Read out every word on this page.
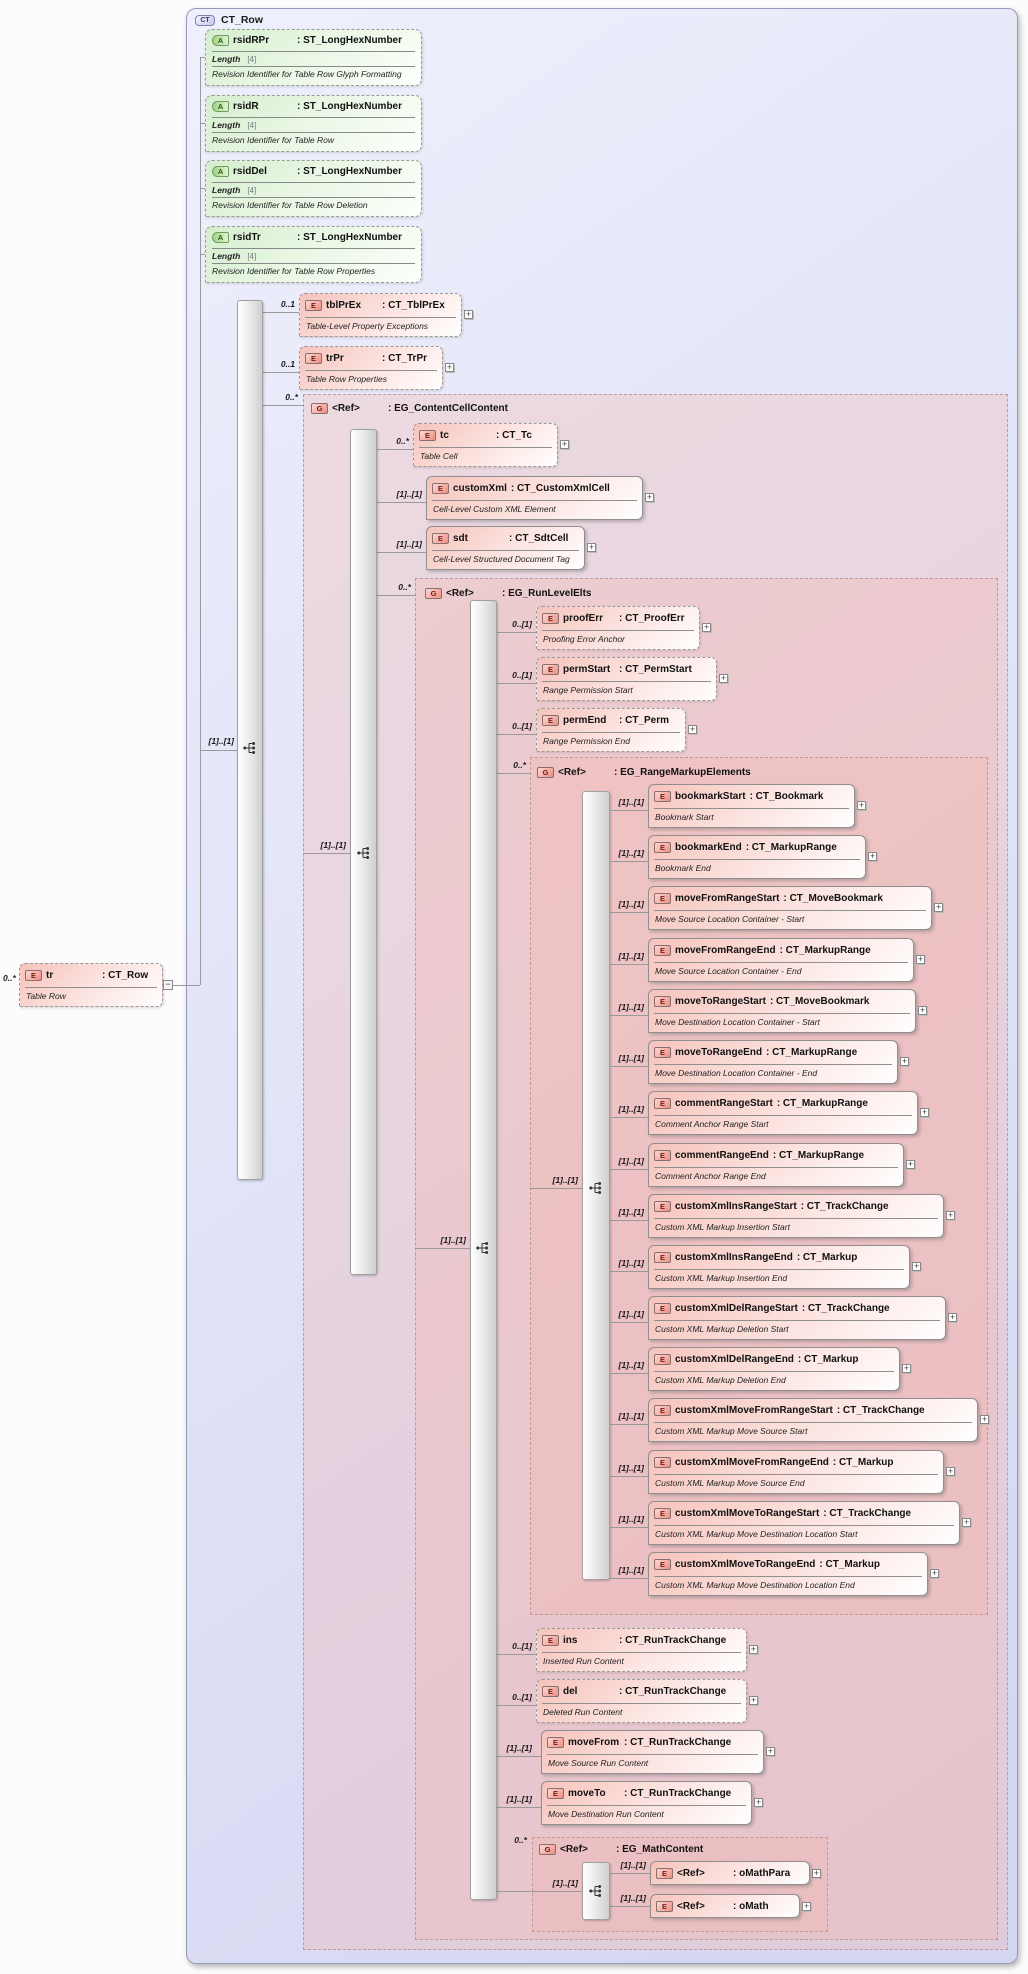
CT	CT_Row
G <Ref>	: EG_ContentCellContent
G <Ref>	: EG_RunLevelElts
G <Ref>	: EG_RangeMarkupElements
G <Ref>	: EG_MathContent
0..*
[1]..[1]
0..1
0..1
0..*
[1]..[1]
0..*
[1]..[1]
[1]..[1]
0..*
[1]..[1]
0..[1]
0..[1]
0..[1]
0..*
[1]..[1]
0..[1]
0..[1]
[1]..[1]
[1]..[1]
0..*
[1]..[1]
[1]..[1]
[1]..[1]
A rsidRPr	: ST_LongHexNumber
Length [4]
Revision Identifier for Table Row Glyph Formatting
A rsidR	: ST_LongHexNumber
Length [4]
Revision Identifier for Table Row
A rsidDel	: ST_LongHexNumber
Length [4]
Revision Identifier for Table Row Deletion
A rsidTr	: ST_LongHexNumber
Length [4]
Revision Identifier for Table Row Properties
E	tr	: CT_Row
Table Row
−
E	tblPrEx	: CT_TblPrEx
Table-Level Property Exceptions
+
E	trPr	: CT_TrPr
Table Row Properties
+
E	tc	: CT_Tc
Table Cell
+
E	customXml : CT_CustomXmlCell
Cell-Level Custom XML Element
+
E	sdt	: CT_SdtCell
Cell-Level Structured Document Tag
+
E	proofErr	: CT_ProofErr
Proofing Error Anchor
+
E	permStart : CT_PermStart
Range Permission Start
+
E	permEnd	: CT_Perm
Range Permission End
+
E	ins	: CT_RunTrackChange
Inserted Run Content
+
E	del	: CT_RunTrackChange
Deleted Run Content
+
E	moveFrom : CT_RunTrackChange
Move Source Run Content
+
E	moveTo	: CT_RunTrackChange
Move Destination Run Content
+
E	<Ref>	: oMathPara	+
E	<Ref>	: oMath	+
[1]..[1]
E	bookmarkStart : CT_Bookmark
Bookmark Start
+
[1]..[1]
E	bookmarkEnd : CT_MarkupRange
Bookmark End
+
[1]..[1]
E	moveFromRangeStart : CT_MoveBookmark
Move Source Location Container - Start
+
[1]..[1]
E	moveFromRangeEnd : CT_MarkupRange
Move Source Location Container - End
+
[1]..[1]
E	moveToRangeStart : CT_MoveBookmark
Move Destination Location Container - Start
+
[1]..[1]
E	moveToRangeEnd : CT_MarkupRange
Move Destination Location Container - End
+
[1]..[1]
E	commentRangeStart : CT_MarkupRange
Comment Anchor Range Start
+
[1]..[1]
E	commentRangeEnd : CT_MarkupRange
Comment Anchor Range End
+
[1]..[1]
E	customXmlInsRangeStart : CT_TrackChange
Custom XML Markup Insertion Start
+
[1]..[1]
E	customXmlInsRangeEnd : CT_Markup
Custom XML Markup Insertion End
+
[1]..[1]
E	customXmlDelRangeStart : CT_TrackChange
Custom XML Markup Deletion Start
+
[1]..[1]
E	customXmlDelRangeEnd : CT_Markup
Custom XML Markup Deletion End
+
[1]..[1]
E	customXmlMoveFromRangeStart : CT_TrackChange
Custom XML Markup Move Source Start
+
[1]..[1]
E	customXmlMoveFromRangeEnd : CT_Markup
Custom XML Markup Move Source End
+
[1]..[1]
E	customXmlMoveToRangeStart : CT_TrackChange
Custom XML Markup Move Destination Location Start
+
[1]..[1]
E	customXmlMoveToRangeEnd : CT_Markup
Custom XML Markup Move Destination Location End
+
